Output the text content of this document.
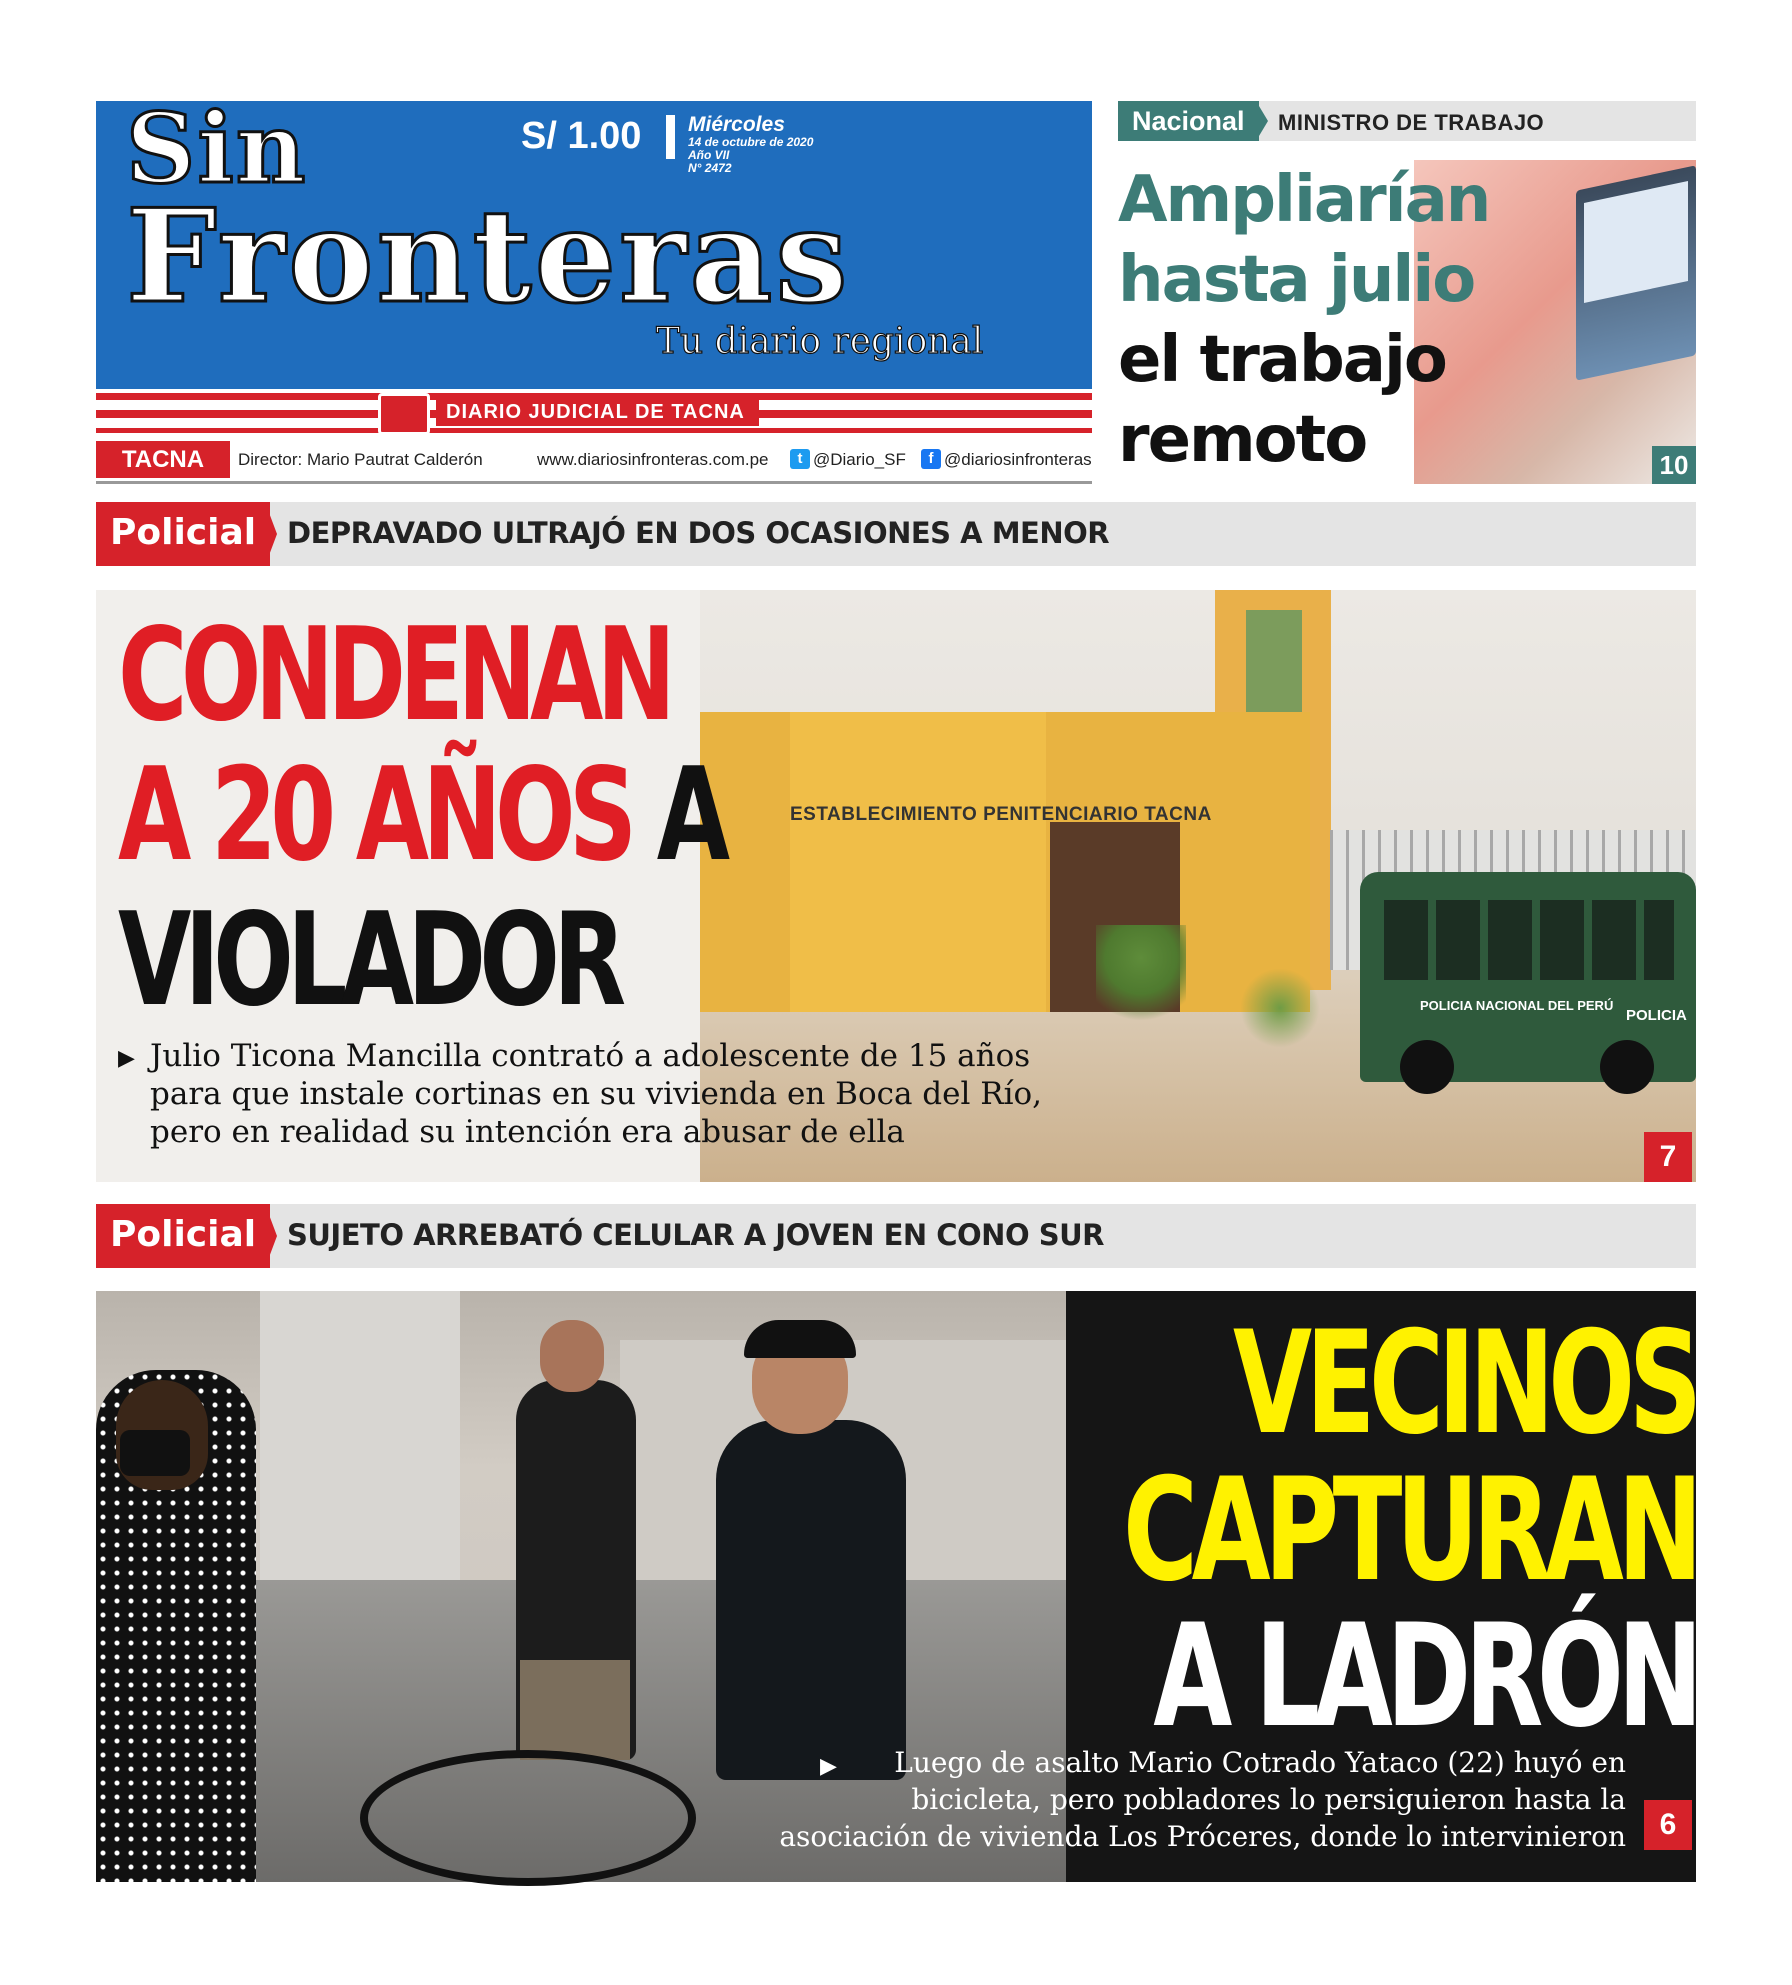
Sin
Fronteras
Tu diario regional
S/ 1.00 Miércoles
14 de octubre de 2020
Año VII
N° 2472
DIARIO JUDICIAL DE TACNA
TACNA	Director: Mario Pautrat Calderón	www.diariosinfronteras.com.pe	t @Diario_SF	f @diariosinfronteras
Nacional	MINISTRO DE TRABAJO
Ampliarían
hasta julio
el trabajo
remoto	10
Policial	DEPRAVADO ULTRAJÓ EN DOS OCASIONES A MENOR
ESTABLECIMIENTO PENITENCIARIO TACNA
POLICIA NACIONAL DEL PERÚ
POLICIA
CONDENAN
A 20 AÑOS A
VIOLADOR
▶ Julio Ticona Mancilla contrató a adolescente de 15 años
para que instale cortinas en su vivienda en Boca del Río,
pero en realidad su intención era abusar de ella
7
Policial	SUJETO ARREBATÓ CELULAR A JOVEN EN CONO SUR
VECINOS
CAPTURAN
A LADRÓN
▶	Luego de asalto Mario Cotrado Yataco (22) huyó en
bicicleta, pero pobladores lo persiguieron hasta la
asociación de vivienda Los Próceres, donde lo intervinieron	6
